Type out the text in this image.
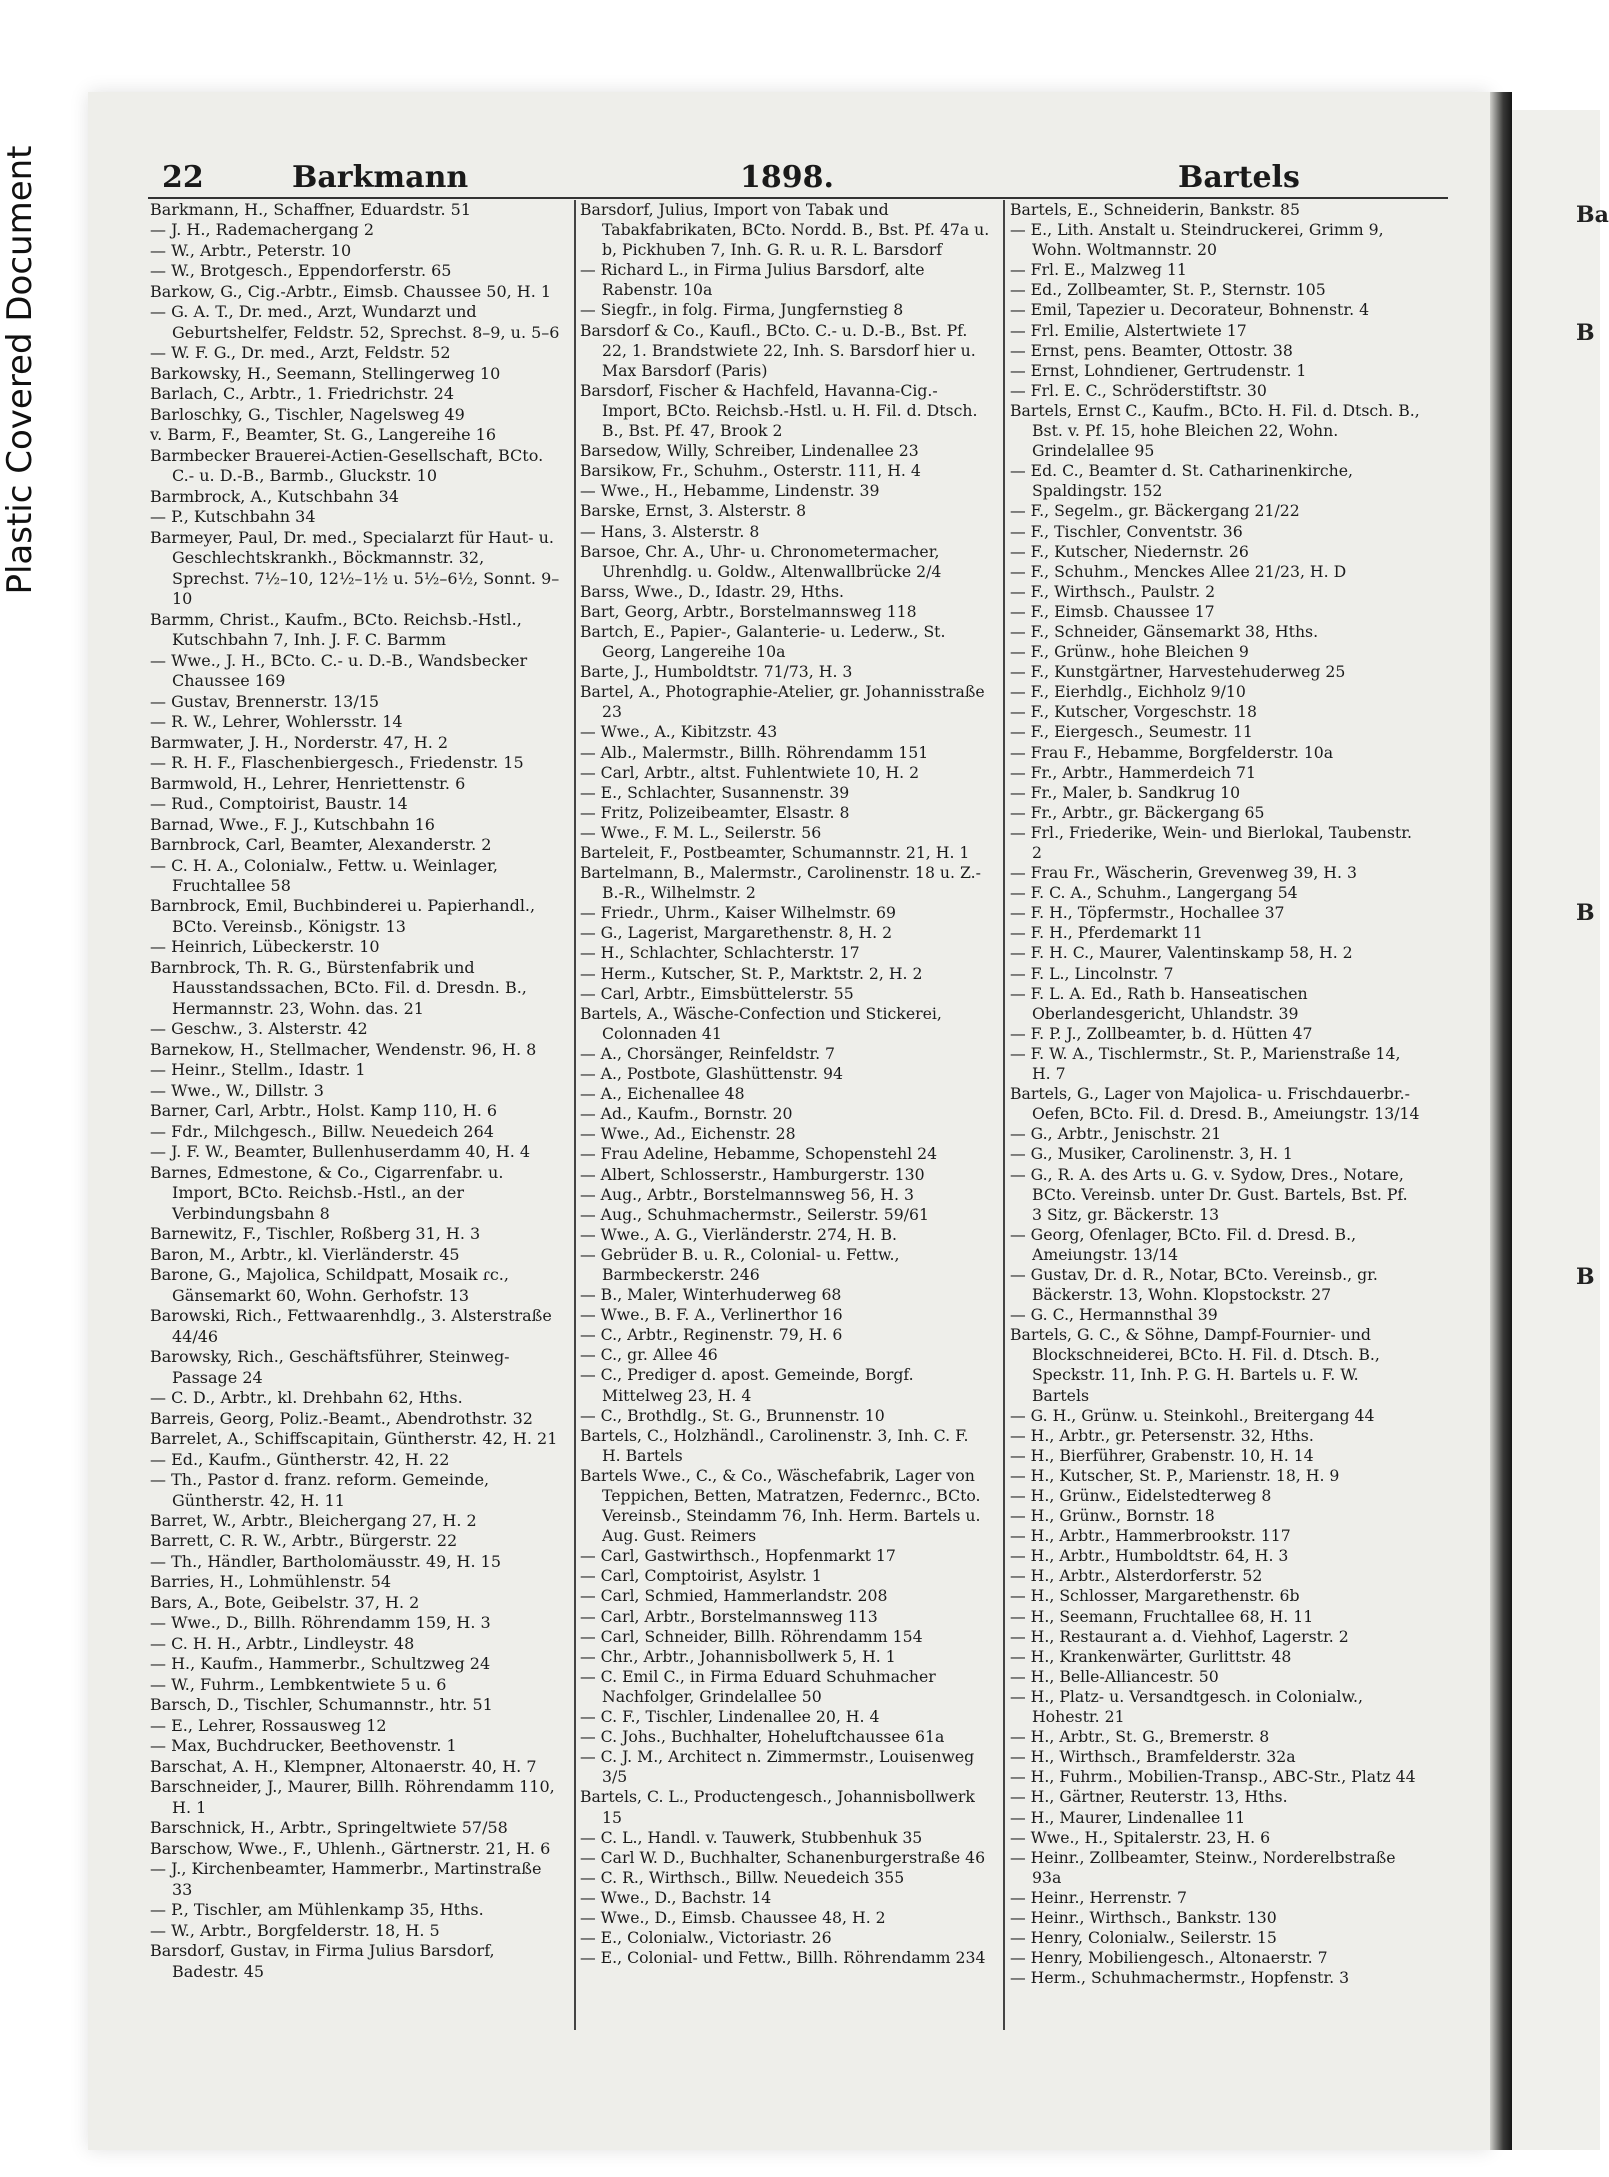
Plastic Covered Document	Ba
B
B
B
22	Barkmann	1898.	Bartels

Barkmann, H., Schaffner, Eduardstr. 51

— J. H., Rademachergang 2

— W., Arbtr., Peterstr. 10

— W., Brotgesch., Eppendorferstr. 65

Barkow, G., Cig.-Arbtr., Eimsb. Chaussee 50, H. 1

— G. A. T., Dr. med., Arzt, Wundarzt und Geburtshelfer, Feldstr. 52, Sprechst. 8–9, u. 5–6

— W. F. G., Dr. med., Arzt, Feldstr. 52

Barkowsky, H., Seemann, Stellingerweg 10

Barlach, C., Arbtr., 1. Friedrichstr. 24

Barloschky, G., Tischler, Nagelsweg 49

v. Barm, F., Beamter, St. G., Langereihe 16

Barmbecker Brauerei-Actien-Gesellschaft, BCto. C.- u. D.-B., Barmb., Gluckstr. 10

Barmbrock, A., Kutschbahn 34

— P., Kutschbahn 34

Barmeyer, Paul, Dr. med., Specialarzt für Haut- u. Geschlechtskrankh., Böckmannstr. 32, Sprechst. 7½–10, 12½–1½ u. 5½–6½, Sonnt. 9–10

Barmm, Christ., Kaufm., BCto. Reichsb.-Hstl., Kutschbahn 7, Inh. J. F. C. Barmm

— Wwe., J. H., BCto. C.- u. D.-B., Wandsbecker Chaussee 169

— Gustav, Brennerstr. 13/15

— R. W., Lehrer, Wohlersstr. 14

Barmwater, J. H., Norderstr. 47, H. 2

— R. H. F., Flaschenbiergesch., Friedenstr. 15

Barmwold, H., Lehrer, Henriettenstr. 6

— Rud., Comptoirist, Baustr. 14

Barnad, Wwe., F. J., Kutschbahn 16

Barnbrock, Carl, Beamter, Alexanderstr. 2

— C. H. A., Colonialw., Fettw. u. Weinlager, Fruchtallee 58

Barnbrock, Emil, Buchbinderei u. Papierhandl., BCto. Vereinsb., Königstr. 13

— Heinrich, Lübeckerstr. 10

Barnbrock, Th. R. G., Bürstenfabrik und Hausstandssachen, BCto. Fil. d. Dresdn. B., Hermannstr. 23, Wohn. das. 21

— Geschw., 3. Alsterstr. 42

Barnekow, H., Stellmacher, Wendenstr. 96, H. 8

— Heinr., Stellm., Idastr. 1

— Wwe., W., Dillstr. 3

Barner, Carl, Arbtr., Holst. Kamp 110, H. 6

— Fdr., Milchgesch., Billw. Neuedeich 264

— J. F. W., Beamter, Bullenhuserdamm 40, H. 4

Barnes, Edmestone, & Co., Cigarrenfabr. u. Import, BCto. Reichsb.-Hstl., an der Verbindungsbahn 8

Barnewitz, F., Tischler, Roßberg 31, H. 3

Baron, M., Arbtr., kl. Vierländerstr. 45

Barone, G., Majolica, Schildpatt, Mosaik ɾc., Gänsemarkt 60, Wohn. Gerhofstr. 13

Barowski, Rich., Fettwaarenhdlg., 3. Alsterstraße 44/46

Barowsky, Rich., Geschäftsführer, Steinweg-Passage 24

— C. D., Arbtr., kl. Drehbahn 62, Hths.

Barreis, Georg, Poliz.-Beamt., Abendrothstr. 32

Barrelet, A., Schiffscapitain, Güntherstr. 42, H. 21

— Ed., Kaufm., Güntherstr. 42, H. 22

— Th., Pastor d. franz. reform. Gemeinde, Güntherstr. 42, H. 11

Barret, W., Arbtr., Bleichergang 27, H. 2

Barrett, C. R. W., Arbtr., Bürgerstr. 22

— Th., Händler, Bartholomäusstr. 49, H. 15

Barries, H., Lohmühlenstr. 54

Bars, A., Bote, Geibelstr. 37, H. 2

— Wwe., D., Billh. Röhrendamm 159, H. 3

— C. H. H., Arbtr., Lindleystr. 48

— H., Kaufm., Hammerbr., Schultzweg 24

— W., Fuhrm., Lembkentwiete 5 u. 6

Barsch, D., Tischler, Schumannstr., htr. 51

— E., Lehrer, Rossausweg 12

— Max, Buchdrucker, Beethovenstr. 1

Barschat, A. H., Klempner, Altonaerstr. 40, H. 7

Barschneider, J., Maurer, Billh. Röhrendamm 110, H. 1

Barschnick, H., Arbtr., Springeltwiete 57/58

Barschow, Wwe., F., Uhlenh., Gärtnerstr. 21, H. 6

— J., Kirchenbeamter, Hammerbr., Martinstraße 33

— P., Tischler, am Mühlenkamp 35, Hths.

— W., Arbtr., Borgfelderstr. 18, H. 5

Barsdorf, Gustav, in Firma Julius Barsdorf, Badestr. 45

Barsdorf, Julius, Import von Tabak und Tabakfabrikaten, BCto. Nordd. B., Bst. Pf. 47a u. b, Pickhuben 7, Inh. G. R. u. R. L. Barsdorf

— Richard L., in Firma Julius Barsdorf, alte Rabenstr. 10a

— Siegfr., in folg. Firma, Jungfernstieg 8

Barsdorf & Co., Kaufl., BCto. C.- u. D.-B., Bst. Pf. 22, 1. Brandstwiete 22, Inh. S. Barsdorf hier u. Max Barsdorf (Paris)

Barsdorf, Fischer & Hachfeld, Havanna-Cig.-Import, BCto. Reichsb.-Hstl. u. H. Fil. d. Dtsch. B., Bst. Pf. 47, Brook 2

Barsedow, Willy, Schreiber, Lindenallee 23

Barsikow, Fr., Schuhm., Osterstr. 111, H. 4

— Wwe., H., Hebamme, Lindenstr. 39

Barske, Ernst, 3. Alsterstr. 8

— Hans, 3. Alsterstr. 8

Barsoe, Chr. A., Uhr- u. Chronometermacher, Uhrenhdlg. u. Goldw., Altenwallbrücke 2/4

Barss, Wwe., D., Idastr. 29, Hths.

Bart, Georg, Arbtr., Borstelmannsweg 118

Bartch, E., Papier-, Galanterie- u. Lederw., St. Georg, Langereihe 10a

Barte, J., Humboldtstr. 71/73, H. 3

Bartel, A., Photographie-Atelier, gr. Johannisstraße 23

— Wwe., A., Kibitzstr. 43

— Alb., Malermstr., Billh. Röhrendamm 151

— Carl, Arbtr., altst. Fuhlentwiete 10, H. 2

— E., Schlachter, Susannenstr. 39

— Fritz, Polizeibeamter, Elsastr. 8

— Wwe., F. M. L., Seilerstr. 56

Barteleit, F., Postbeamter, Schumannstr. 21, H. 1

Bartelmann, B., Malermstr., Carolinenstr. 18 u. Z.-B.-R., Wilhelmstr. 2

— Friedr., Uhrm., Kaiser Wilhelmstr. 69

— G., Lagerist, Margarethenstr. 8, H. 2

— H., Schlachter, Schlachterstr. 17

— Herm., Kutscher, St. P., Marktstr. 2, H. 2

— Carl, Arbtr., Eimsbüttelerstr. 55

Bartels, A., Wäsche-Confection und Stickerei, Colonnaden 41

— A., Chorsänger, Reinfeldstr. 7

— A., Postbote, Glashüttenstr. 94

— A., Eichenallee 48

— Ad., Kaufm., Bornstr. 20

— Wwe., Ad., Eichenstr. 28

— Frau Adeline, Hebamme, Schopenstehl 24

— Albert, Schlosserstr., Hamburgerstr. 130

— Aug., Arbtr., Borstelmannsweg 56, H. 3

— Aug., Schuhmachermstr., Seilerstr. 59/61

— Wwe., A. G., Vierländerstr. 274, H. B.

— Gebrüder B. u. R., Colonial- u. Fettw., Barmbeckerstr. 246

— B., Maler, Winterhuderweg 68

— Wwe., B. F. A., Verlinerthor 16

— C., Arbtr., Reginenstr. 79, H. 6

— C., gr. Allee 46

— C., Prediger d. apost. Gemeinde, Borgf. Mittelweg 23, H. 4

— C., Brothdlg., St. G., Brunnenstr. 10

Bartels, C., Holzhändl., Carolinenstr. 3, Inh. C. F. H. Bartels

Bartels Wwe., C., & Co., Wäschefabrik, Lager von Teppichen, Betten, Matratzen, Federnɾc., BCto. Vereinsb., Steindamm 76, Inh. Herm. Bartels u. Aug. Gust. Reimers

— Carl, Gastwirthsch., Hopfenmarkt 17

— Carl, Comptoirist, Asylstr. 1

— Carl, Schmied, Hammerlandstr. 208

— Carl, Arbtr., Borstelmannsweg 113

— Carl, Schneider, Billh. Röhrendamm 154

— Chr., Arbtr., Johannisbollwerk 5, H. 1

— C. Emil C., in Firma Eduard Schuhmacher Nachfolger, Grindelallee 50

— C. F., Tischler, Lindenallee 20, H. 4

— C. Johs., Buchhalter, Hoheluftchaussee 61a

— C. J. M., Architect n. Zimmermstr., Louisenweg 3/5

Bartels, C. L., Productengesch., Johannisbollwerk 15

— C. L., Handl. v. Tauwerk, Stubbenhuk 35

— Carl W. D., Buchhalter, Schanenburgerstraße 46

— C. R., Wirthsch., Billw. Neuedeich 355

— Wwe., D., Bachstr. 14

— Wwe., D., Eimsb. Chaussee 48, H. 2

— E., Colonialw., Victoriastr. 26

— E., Colonial- und Fettw., Billh. Röhrendamm 234

Bartels, E., Schneiderin, Bankstr. 85

— E., Lith. Anstalt u. Steindruckerei, Grimm 9, Wohn. Woltmannstr. 20

— Frl. E., Malzweg 11

— Ed., Zollbeamter, St. P., Sternstr. 105

— Emil, Tapezier u. Decorateur, Bohnenstr. 4

— Frl. Emilie, Alstertwiete 17

— Ernst, pens. Beamter, Ottostr. 38

— Ernst, Lohndiener, Gertrudenstr. 1

— Frl. E. C., Schröderstiftstr. 30

Bartels, Ernst C., Kaufm., BCto. H. Fil. d. Dtsch. B., Bst. v. Pf. 15, hohe Bleichen 22, Wohn. Grindelallee 95

— Ed. C., Beamter d. St. Catharinenkirche, Spaldingstr. 152

— F., Segelm., gr. Bäckergang 21/22

— F., Tischler, Conventstr. 36

— F., Kutscher, Niedernstr. 26

— F., Schuhm., Menckes Allee 21/23, H. D

— F., Wirthsch., Paulstr. 2

— F., Eimsb. Chaussee 17

— F., Schneider, Gänsemarkt 38, Hths.

— F., Grünw., hohe Bleichen 9

— F., Kunstgärtner, Harvestehuderweg 25

— F., Eierhdlg., Eichholz 9/10

— F., Kutscher, Vorgeschstr. 18

— F., Eiergesch., Seumestr. 11

— Frau F., Hebamme, Borgfelderstr. 10a

— Fr., Arbtr., Hammerdeich 71

— Fr., Maler, b. Sandkrug 10

— Fr., Arbtr., gr. Bäckergang 65

— Frl., Friederike, Wein- und Bierlokal, Taubenstr. 2

— Frau Fr., Wäscherin, Grevenweg 39, H. 3

— F. C. A., Schuhm., Langergang 54

— F. H., Töpfermstr., Hochallee 37

— F. H., Pferdemarkt 11

— F. H. C., Maurer, Valentinskamp 58, H. 2

— F. L., Lincolnstr. 7

— F. L. A. Ed., Rath b. Hanseatischen Oberlandesgericht, Uhlandstr. 39

— F. P. J., Zollbeamter, b. d. Hütten 47

— F. W. A., Tischlermstr., St. P., Marienstraße 14, H. 7

Bartels, G., Lager von Majolica- u. Frischdauerbr.-Oefen, BCto. Fil. d. Dresd. B., Ameiungstr. 13/14

— G., Arbtr., Jenischstr. 21

— G., Musiker, Carolinenstr. 3, H. 1

— G., R. A. des Arts u. G. v. Sydow, Dres., Notare, BCto. Vereinsb. unter Dr. Gust. Bartels, Bst. Pf. 3 Sitz, gr. Bäckerstr. 13

— Georg, Ofenlager, BCto. Fil. d. Dresd. B., Ameiungstr. 13/14

— Gustav, Dr. d. R., Notar, BCto. Vereinsb., gr. Bäckerstr. 13, Wohn. Klopstockstr. 27

— G. C., Hermannsthal 39

Bartels, G. C., & Söhne, Dampf-Fournier- und Blockschneiderei, BCto. H. Fil. d. Dtsch. B., Speckstr. 11, Inh. P. G. H. Bartels u. F. W. Bartels

— G. H., Grünw. u. Steinkohl., Breitergang 44

— H., Arbtr., gr. Petersenstr. 32, Hths.

— H., Bierführer, Grabenstr. 10, H. 14

— H., Kutscher, St. P., Marienstr. 18, H. 9

— H., Grünw., Eidelstedterweg 8

— H., Grünw., Bornstr. 18

— H., Arbtr., Hammerbrookstr. 117

— H., Arbtr., Humboldtstr. 64, H. 3

— H., Arbtr., Alsterdorferstr. 52

— H., Schlosser, Margarethenstr. 6b

— H., Seemann, Fruchtallee 68, H. 11

— H., Restaurant a. d. Viehhof, Lagerstr. 2

— H., Krankenwärter, Gurlittstr. 48

— H., Belle-Alliancestr. 50

— H., Platz- u. Versandtgesch. in Colonialw., Hohestr. 21

— H., Arbtr., St. G., Bremerstr. 8

— H., Wirthsch., Bramfelderstr. 32a

— H., Fuhrm., Mobilien-Transp., ABC-Str., Platz 44

— H., Gärtner, Reuterstr. 13, Hths.

— H., Maurer, Lindenallee 11

— Wwe., H., Spitalerstr. 23, H. 6

— Heinr., Zollbeamter, Steinw., Norderelbstraße 93a

— Heinr., Herrenstr. 7

— Heinr., Wirthsch., Bankstr. 130

— Henry, Colonialw., Seilerstr. 15

— Henry, Mobiliengesch., Altonaerstr. 7

— Herm., Schuhmachermstr., Hopfenstr. 3
